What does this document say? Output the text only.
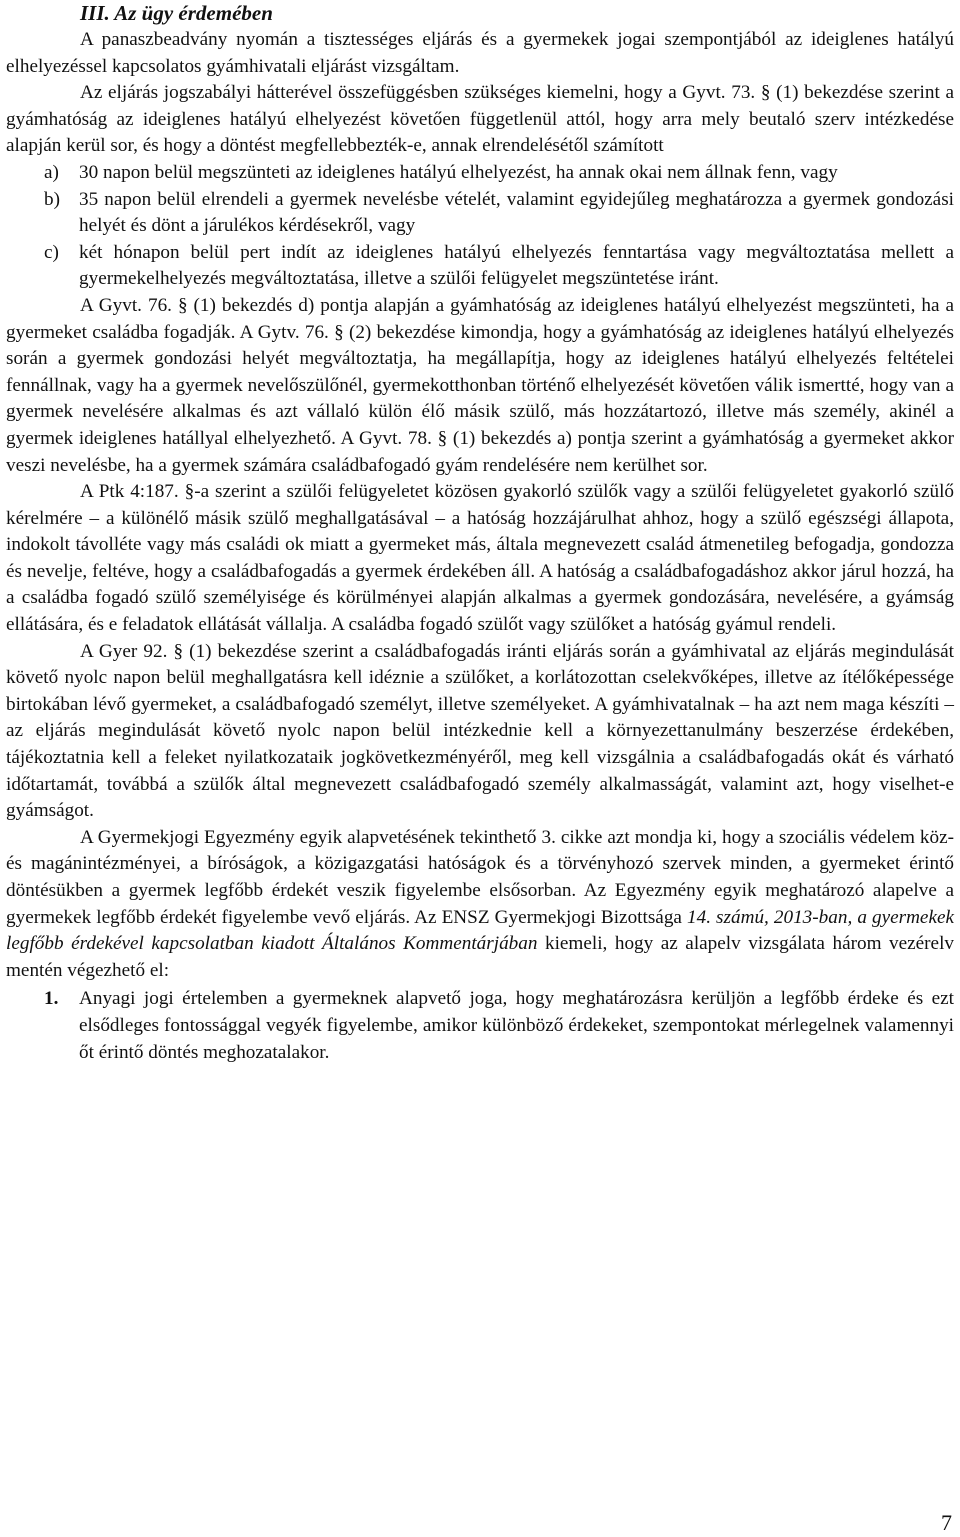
III. Az ügy érdemében

A panaszbeadvány nyomán a tisztességes eljárás és a gyermekek jogai szempontjából az ideiglenes hatályú elhelyezéssel kapcsolatos gyámhivatali eljárást vizsgáltam.

Az eljárás jogszabályi hátterével összefüggésben szükséges kiemelni, hogy a Gyvt. 73. § (1) bekezdése szerint a gyámhatóság az ideiglenes hatályú elhelyezést követően függetlenül attól, hogy arra mely beutaló szerv intézkedése alapján kerül sor, és hogy a döntést megfellebbezték-e, annak elrendelésétől számított

a) 30 napon belül megszünteti az ideiglenes hatályú elhelyezést, ha annak okai nem állnak fenn, vagy
b) 35 napon belül elrendeli a gyermek nevelésbe vételét, valamint egyidejűleg meghatározza a gyermek gondozási helyét és dönt a járulékos kérdésekről, vagy
c) két hónapon belül pert indít az ideiglenes hatályú elhelyezés fenntartása vagy megváltoztatása mellett a gyermekelhelyezés megváltoztatása, illetve a szülői felügyelet megszüntetése iránt.

A Gyvt. 76. § (1) bekezdés d) pontja alapján a gyámhatóság az ideiglenes hatályú elhelyezést megszünteti, ha a gyermeket családba fogadják. A Gytv. 76. § (2) bekezdése kimondja, hogy a gyámhatóság az ideiglenes hatályú elhelyezés során a gyermek gondozási helyét megváltoztatja, ha megállapítja, hogy az ideiglenes hatályú elhelyezés feltételei fennállnak, vagy ha a gyermek nevelőszülőnél, gyermekotthonban történő elhelyezését követően válik ismertté, hogy van a gyermek nevelésére alkalmas és azt vállaló külön élő másik szülő, más hozzátartozó, illetve más személy, akinél a gyermek ideiglenes hatállyal elhelyezhető. A Gyvt. 78. § (1) bekezdés a) pontja szerint a gyámhatóság a gyermeket akkor veszi nevelésbe, ha a gyermek számára családbafogadó gyám rendelésére nem kerülhet sor.

A Ptk 4:187. §-a szerint a szülői felügyeletet közösen gyakorló szülők vagy a szülői felügyeletet gyakorló szülő kérelmére – a különélő másik szülő meghallgatásával – a hatóság hozzájárulhat ahhoz, hogy a szülő egészségi állapota, indokolt távolléte vagy más családi ok miatt a gyermeket más, általa megnevezett család átmenetileg befogadja, gondozza és nevelje, feltéve, hogy a családbafogadás a gyermek érdekében áll. A hatóság a családbafogadáshoz akkor járul hozzá, ha a családba fogadó szülő személyisége és körülményei alapján alkalmas a gyermek gondozására, nevelésére, a gyámság ellátására, és e feladatok ellátását vállalja. A családba fogadó szülőt vagy szülőket a hatóság gyámul rendeli.

A Gyer 92. § (1) bekezdése szerint a családbafogadás iránti eljárás során a gyámhivatal az eljárás megindulását követő nyolc napon belül meghallgatásra kell idéznie a szülőket, a korlátozottan cselekvőképes, illetve az ítélőképessége birtokában lévő gyermeket, a családbafogadó személyt, illetve személyeket. A gyámhivatalnak – ha azt nem maga készíti – az eljárás megindulását követő nyolc napon belül intézkednie kell a környezettanulmány beszerzése érdekében, tájékoztatnia kell a feleket nyilatkozataik jogkövetkezményéről, meg kell vizsgálnia a családbafogadás okát és várható időtartamát, továbbá a szülők által megnevezett családbafogadó személy alkalmasságát, valamint azt, hogy viselhet-e gyámságot.

A Gyermekjogi Egyezmény egyik alapvetésének tekinthető 3. cikke azt mondja ki, hogy a szociális védelem köz- és magánintézményei, a bíróságok, a közigazgatási hatóságok és a törvényhozó szervek minden, a gyermeket érintő döntésükben a gyermek legfőbb érdekét veszik figyelembe elsősorban. Az Egyezmény egyik meghatározó alapelve a gyermekek legfőbb érdekét figyelembe vevő eljárás. Az ENSZ Gyermekjogi Bizottsága 14. számú, 2013-ban, a gyermekek legfőbb érdekével kapcsolatban kiadott Általános Kommentárjában kiemeli, hogy az alapelv vizsgálata három vezérelv mentén végezhető el:

1. Anyagi jogi értelemben a gyermeknek alapvető joga, hogy meghatározásra kerüljön a legfőbb érdeke és ezt elsődleges fontossággal vegyék figyelembe, amikor különböző érdekeket, szempontokat mérlegelnek valamennyi őt érintő döntés meghozatalakor.
7
